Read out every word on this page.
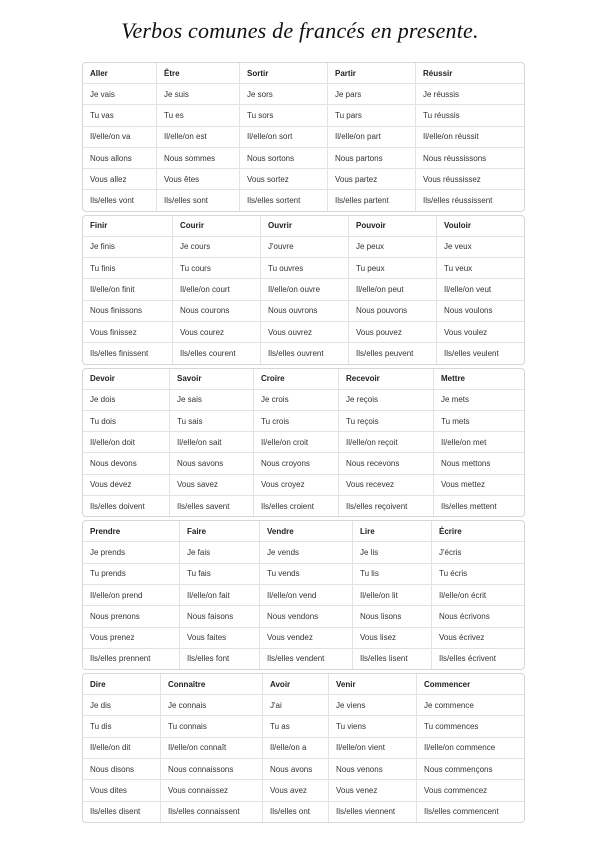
Verbos comunes de francés en presente.
Aller	Être	Sortir	Partir	Réussir
Je vais	Je suis	Je sors	Je pars	Je réussis
Tu vas	Tu es	Tu sors	Tu pars	Tu réussis
Il/elle/on va	Il/elle/on est	Il/elle/on sort	Il/elle/on part	Il/elle/on réussit
Nous allons	Nous sommes	Nous sortons	Nous partons	Nous réussissons
Vous allez	Vous êtes	Vous sortez	Vous partez	Vous réussissez
Ils/elles vont	Ils/elles sont	Ils/elles sortent	Ils/elles partent	Ils/elles réussissent
Finir	Courir	Ouvrir	Pouvoir	Vouloir
Je finis	Je cours	J'ouvre	Je peux	Je veux
Tu finis	Tu cours	Tu ouvres	Tu peux	Tu veux
Il/elle/on finit	Il/elle/on court	Il/elle/on ouvre	Il/elle/on peut	Il/elle/on veut
Nous finissons	Nous courons	Nous ouvrons	Nous pouvons	Nous voulons
Vous finissez	Vous courez	Vous ouvrez	Vous pouvez	Vous voulez
Ils/elles finissent	Ils/elles courent	Ils/elles ouvrent	Ils/elles peuvent	Ils/elles veulent
Devoir	Savoir	Croire	Recevoir	Mettre
Je dois	Je sais	Je crois	Je reçois	Je mets
Tu dois	Tu sais	Tu crois	Tu reçois	Tu mets
Il/elle/on doit	Il/elle/on sait	Il/elle/on croit	Il/elle/on reçoit	Il/elle/on met
Nous devons	Nous savons	Nous croyons	Nous recevons	Nous mettons
Vous devez	Vous savez	Vous croyez	Vous recevez	Vous mettez
Ils/elles doivent	Ils/elles savent	Ils/elles croient	Ils/elles reçoivent	Ils/elles mettent
Prendre	Faire	Vendre	Lire	Écrire
Je prends	Je fais	Je vends	Je lis	J'écris
Tu prends	Tu fais	Tu vends	Tu lis	Tu écris
Il/elle/on prend	Il/elle/on fait	Il/elle/on vend	Il/elle/on lit	Il/elle/on écrit
Nous prenons	Nous faisons	Nous vendons	Nous lisons	Nous écrivons
Vous prenez	Vous faites	Vous vendez	Vous lisez	Vous écrivez
Ils/elles prennent	Ils/elles font	Ils/elles vendent	Ils/elles lisent	Ils/elles écrivent
Dire	Connaître	Avoir	Venir	Commencer
Je dis	Je connais	J'ai	Je viens	Je commence
Tu dis	Tu connais	Tu as	Tu viens	Tu commences
Il/elle/on dit	Il/elle/on connaît	Il/elle/on a	Il/elle/on vient	Il/elle/on commence
Nous disons	Nous connaissons	Nous avons	Nous venons	Nous commençons
Vous dites	Vous connaissez	Vous avez	Vous venez	Vous commencez
Ils/elles disent	Ils/elles connaissent	Ils/elles ont	Ils/elles viennent	Ils/elles commencent
